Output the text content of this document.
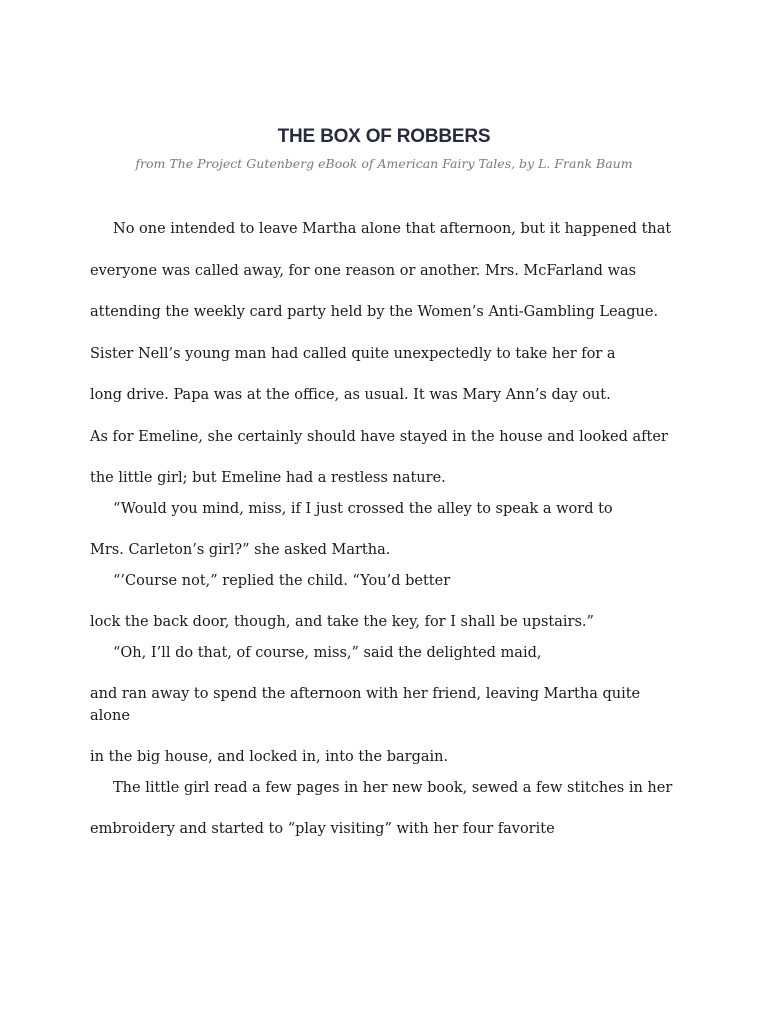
THE BOX OF ROBBERS

from The Project Gutenberg eBook of American Fairy Tales, by L. Frank Baum

No one intended to leave Martha alone that afternoon, but it happened that

everyone was called away, for one reason or another. Mrs. McFarland was

attending the weekly card party held by the Women’s Anti-Gambling League.

Sister Nell’s young man had called quite unexpectedly to take her for a

long drive. Papa was at the office, as usual. It was Mary Ann’s day out.

As for Emeline, she certainly should have stayed in the house and looked after

the little girl; but Emeline had a restless nature.

“Would you mind, miss, if I just crossed the alley to speak a word to

Mrs. Carleton’s girl?” she asked Martha.

“’Course not,” replied the child. “You’d better

lock the back door, though, and take the key, for I shall be upstairs.”

“Oh, I’ll do that, of course, miss,” said the delighted maid,

and ran away to spend the afternoon with her friend, leaving Martha quite alone

in the big house, and locked in, into the bargain.

The little girl read a few pages in her new book, sewed a few stitches in her

embroidery and started to “play visiting” with her four favorite
